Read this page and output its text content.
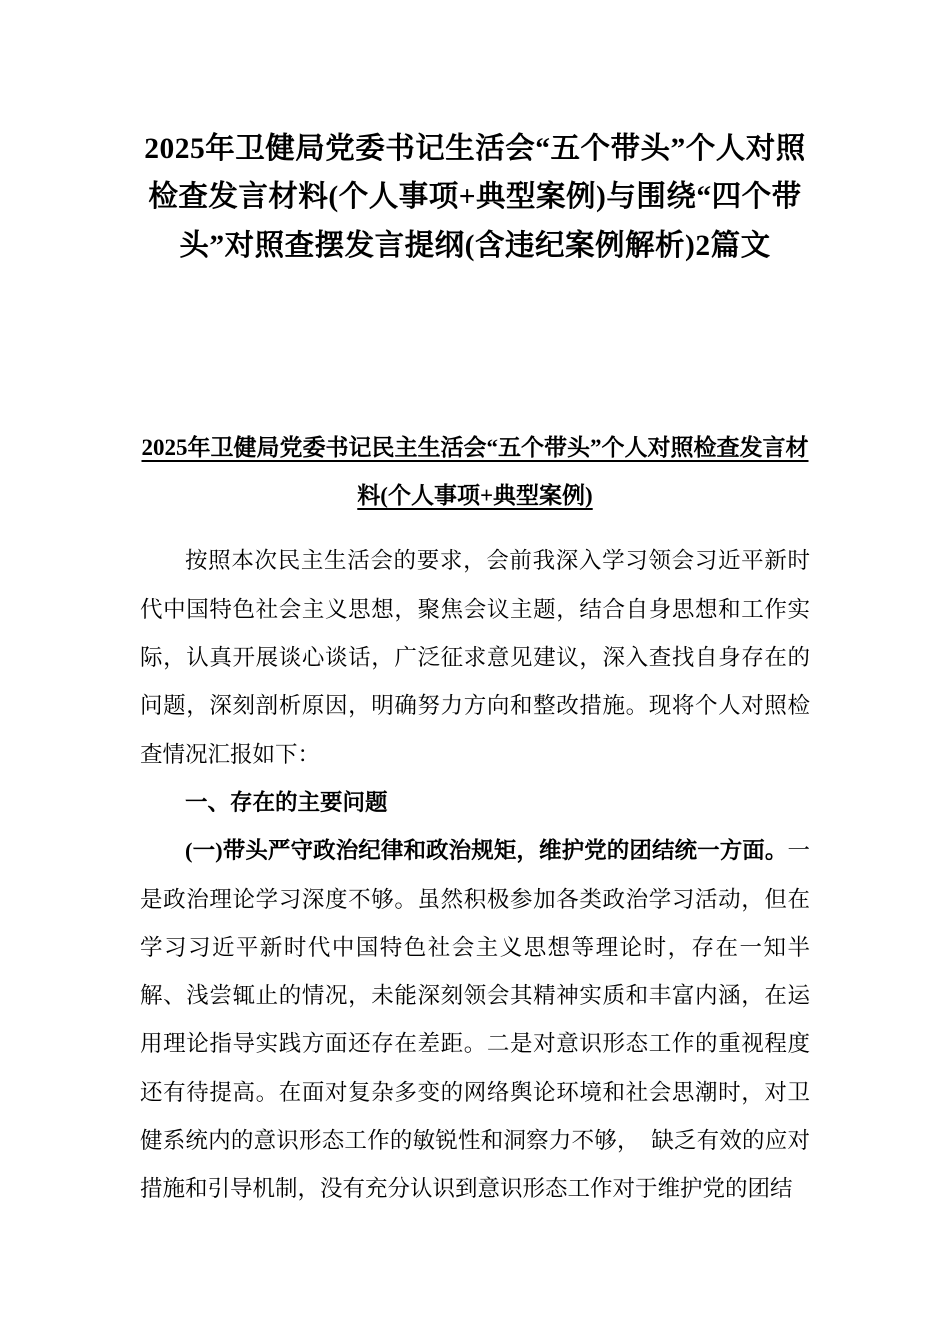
2025年卫健局党委书记生活会“五个带头”个人对照检查发言材料(个人事项+典型案例)与围绕“四个带头”对照查摆发言提纲(含违纪案例解析)2篇文
2025年卫健局党委书记民主生活会“五个带头”个人对照检查发言材料(个人事项+典型案例)

按照本次民主生活会的要求，会前我深入学习领会习近平新时代中国特色社会主义思想，聚焦会议主题，结合自身思想和工作实际，认真开展谈心谈话，广泛征求意见建议，深入查找自身存在的问题，深刻剖析原因，明确努力方向和整改措施。现将个人对照检查情况汇报如下：

一、存在的主要问题

(一)带头严守政治纪律和政治规矩，维护党的团结统一方面。一是政治理论学习深度不够。虽然积极参加各类政治学习活动，但在学习习近平新时代中国特色社会主义思想等理论时，存在一知半解、浅尝辄止的情况，未能深刻领会其精神实质和丰富内涵，在运用理论指导实践方面还存在差距。二是对意识形态工作的重视程度还有待提高。在面对复杂多变的网络舆论环境和社会思潮时，对卫健系统内的意识形态工作的敏锐性和洞察力不够，　缺乏有效的应对措施和引导机制，没有充分认识到意识形态工作对于维护党的团结
